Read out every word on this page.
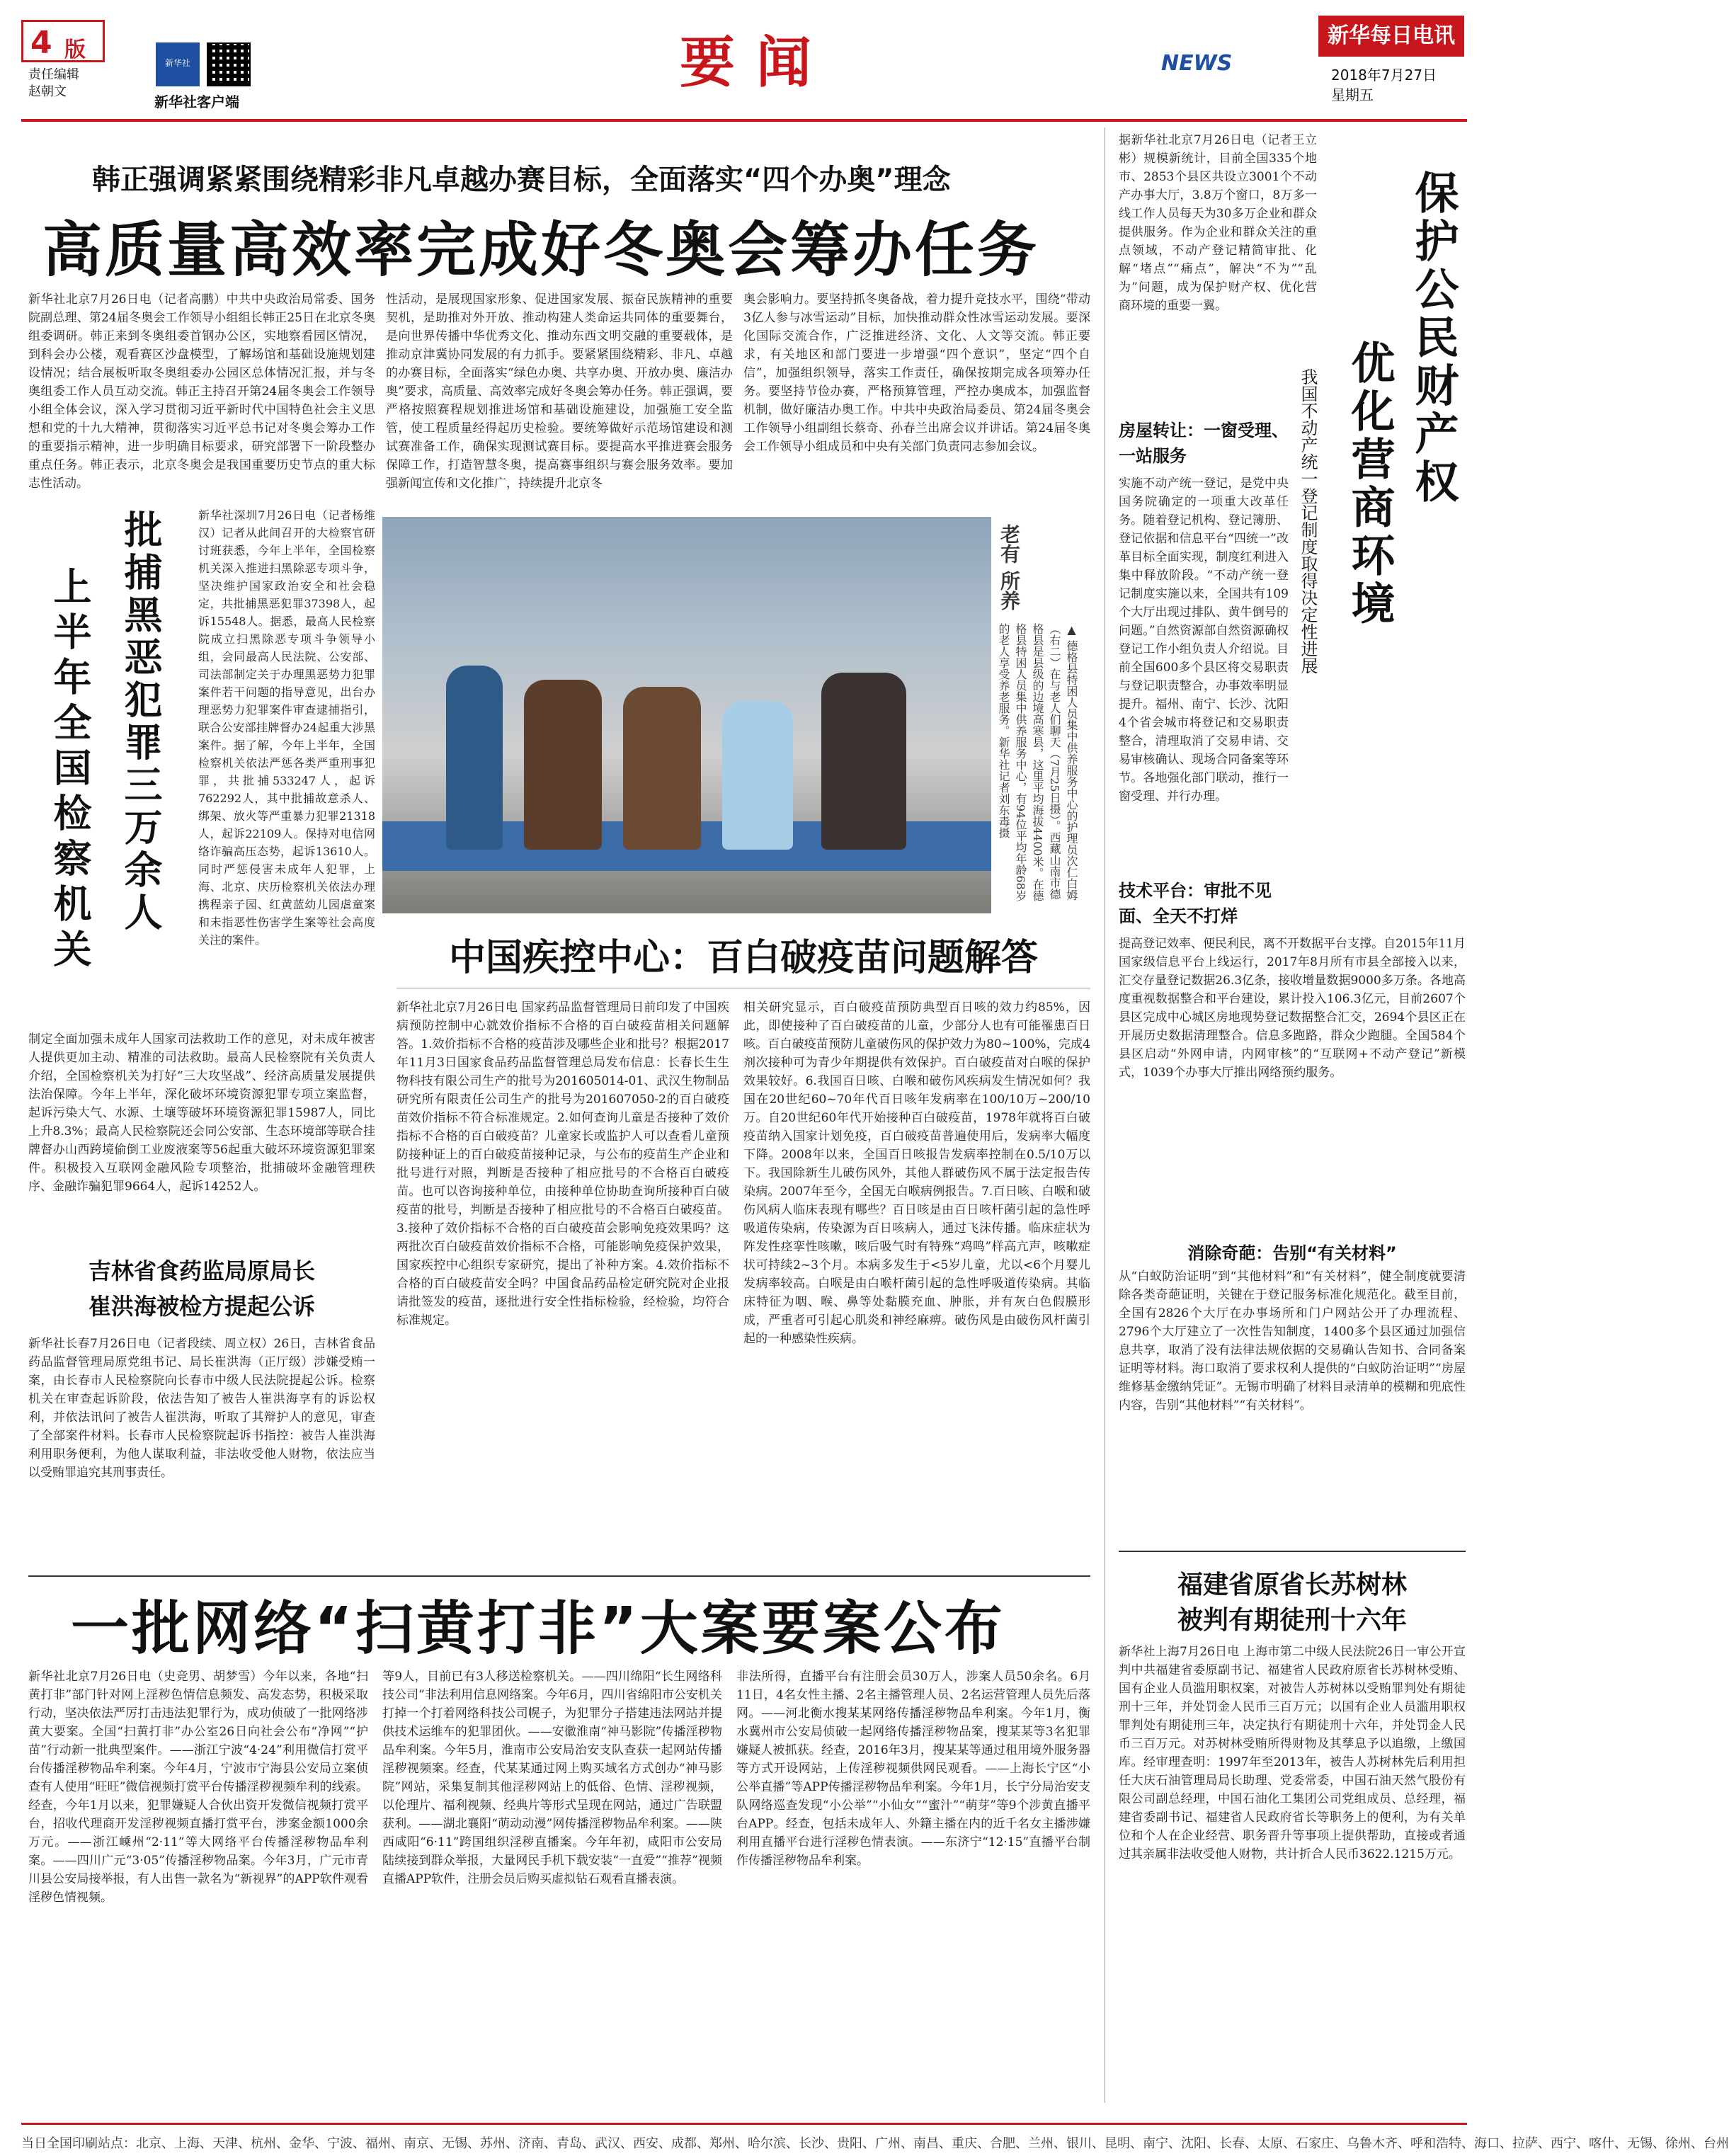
4 版
责任编辑
赵朝文
新华社
新华社客户端
要闻	NEWS
新华每日电讯
2018年7月27日
星期五
韩正强调紧紧围绕精彩非凡卓越办赛目标，全面落实“四个办奥”理念
高质量高效率完成好冬奥会筹办任务
新华社北京7月26日电（记者高鹏）中共中央政治局常委、国务院副总理、第24届冬奥会工作领导小组组长韩正25日在北京冬奥组委调研。韩正来到冬奥组委首钢办公区，实地察看园区情况，到科会办公楼，观看赛区沙盘模型，了解场馆和基础设施规划建设情况；结合展板听取冬奥组委办公园区总体情况汇报，并与冬奥组委工作人员互动交流。韩正主持召开第24届冬奥会工作领导小组全体会议，深入学习贯彻习近平新时代中国特色社会主义思想和党的十九大精神，贯彻落实习近平总书记对冬奥会筹办工作的重要指示精神，进一步明确目标要求，研究部署下一阶段整办重点任务。韩正表示，北京冬奥会是我国重要历史节点的重大标志性活动。
性活动，是展现国家形象、促进国家发展、振奋民族精神的重要契机，是助推对外开放、推动构建人类命运共同体的重要舞台，是向世界传播中华优秀文化、推动东西文明交融的重要载体，是推动京津冀协同发展的有力抓手。要紧紧围绕精彩、非凡、卓越的办赛目标，全面落实“绿色办奥、共享办奥、开放办奥、廉洁办奥”要求，高质量、高效率完成好冬奥会筹办任务。韩正强调，要严格按照赛程规划推进场馆和基础设施建设，加强施工安全监管，使工程质量经得起历史检验。要统筹做好示范场馆建设和测试赛准备工作，确保实现测试赛目标。要提高水平推进赛会服务保障工作，打造智慧冬奥，提高赛事组织与赛会服务效率。要加强新闻宣传和文化推广，持续提升北京冬
奥会影响力。要坚持抓冬奥备战，着力提升竞技水平，围绕“带动3亿人参与冰雪运动”目标，加快推动群众性冰雪运动发展。要深化国际交流合作，广泛推进经济、文化、人文等交流。韩正要求，有关地区和部门要进一步增强“四个意识”，坚定“四个自信”，加强组织领导，落实工作责任，确保按期完成各项筹办任务。要坚持节俭办赛，严格预算管理，严控办奥成本，加强监督机制，做好廉洁办奥工作。中共中央政治局委员、第24届冬奥会工作领导小组副组长蔡奇、孙春兰出席会议并讲话。第24届冬奥会工作领导小组成员和中央有关部门负责同志参加会议。
批捕黑恶犯罪三万余人
上半年全国检察机关
新华社深圳7月26日电（记者杨维汉）记者从此间召开的大检察官研讨班获悉，今年上半年，全国检察机关深入推进扫黑除恶专项斗争，坚决维护国家政治安全和社会稳定，共批捕黑恶犯罪37398人，起诉15548人。据悉，最高人民检察院成立扫黑除恶专项斗争领导小组，会同最高人民法院、公安部、司法部制定关于办理黑恶势力犯罪案件若干问题的指导意见，出台办理恶势力犯罪案件审查逮捕指引，联合公安部挂牌督办24起重大涉黑案件。据了解，今年上半年，全国检察机关依法严惩各类严重刑事犯罪，共批捕533247人，起诉762292人，其中批捕故意杀人、绑架、放火等严重暴力犯罪21318人，起诉22109人。保持对电信网络诈骗高压态势，起诉13610人。同时严惩侵害未成年人犯罪，上海、北京、庆历检察机关依法办理携程亲子园、红黄蓝幼儿园虐童案和未指恶性伤害学生案等社会高度关注的案件。
制定全面加强未成年人国家司法救助工作的意见，对未成年被害人提供更加主动、精准的司法救助。最高人民检察院有关负责人介绍，全国检察机关为打好“三大攻坚战”、经济高质量发展提供法治保障。今年上半年，深化破坏环境资源犯罪专项立案监督，起诉污染大气、水源、土壤等破坏环境资源犯罪15987人，同比上升8.3%；最高人民检察院还会同公安部、生态环境部等联合挂牌督办山西跨境偷倒工业废液案等56起重大破坏环境资源犯罪案件。积极投入互联网金融风险专项整治，批捕破坏金融管理秩序、金融诈骗犯罪9664人，起诉14252人。
吉林省食药监局原局长
崔洪海被检方提起公诉
新华社长春7月26日电（记者段续、周立权）26日，吉林省食品药品监督管理局原党组书记、局长崔洪海（正厅级）涉嫌受贿一案，由长春市人民检察院向长春市中级人民法院提起公诉。检察机关在审查起诉阶段，依法告知了被告人崔洪海享有的诉讼权利，并依法讯问了被告人崔洪海，听取了其辩护人的意见，审查了全部案件材料。长春市人民检察院起诉书指控：被告人崔洪海利用职务便利，为他人谋取利益，非法收受他人财物，依法应当以受贿罪追究其刑事责任。
老有 所养
▲ 德格县特困人员集中供养服务中心的护理员次仁白姆（右二）在与老人们聊天（7月25日摄）。西藏山南市德格县是县级的边境高寒县，这里平均海拔4400米。在德格县特困人员集中供养服务中心，有94位平均年龄68岁的老人享受养老服务。新华社记者刘东毒摄
中国疾控中心：百白破疫苗问题解答
新华社北京7月26日电 国家药品监督管理局日前印发了中国疾病预防控制中心就效价指标不合格的百白破疫苗相关问题解答。1.效价指标不合格的疫苗涉及哪些企业和批号？根据2017年11月3日国家食品药品监督管理总局发布信息：长春长生生物科技有限公司生产的批号为201605014-01、武汉生物制品研究所有限责任公司生产的批号为201607050-2的百白破疫苗效价指标不符合标准规定。2.如何查询儿童是否接种了效价指标不合格的百白破疫苗？儿童家长或监护人可以查看儿童预防接种证上的百白破疫苗接种记录，与公布的疫苗生产企业和批号进行对照，判断是否接种了相应批号的不合格百白破疫苗。也可以咨询接种单位，由接种单位协助查询所接种百白破疫苗的批号，判断是否接种了相应批号的不合格百白破疫苗。3.接种了效价指标不合格的百白破疫苗会影响免疫效果吗？这两批次百白破疫苗效价指标不合格，可能影响免疫保护效果，国家疾控中心组织专家研究，提出了补种方案。4.效价指标不合格的百白破疫苗安全吗？中国食品药品检定研究院对企业报请批签发的疫苗，逐批进行安全性指标检验，经检验，均符合标准规定。
相关研究显示，百白破疫苗预防典型百日咳的效力约85%，因此，即使接种了百白破疫苗的儿童，少部分人也有可能罹患百日咳。百白破疫苗预防儿童破伤风的保护效力为80~100%，完成4剂次接种可为青少年期提供有效保护。百白破疫苗对白喉的保护效果较好。6.我国百日咳、白喉和破伤风疾病发生情况如何？我国在20世纪60~70年代百日咳年发病率在100/10万~200/10万。自20世纪60年代开始接种百白破疫苗，1978年就将百白破疫苗纳入国家计划免疫，百白破疫苗普遍使用后，发病率大幅度下降。2008年以来，全国百日咳报告发病率控制在0.5/10万以下。我国除新生儿破伤风外，其他人群破伤风不属于法定报告传染病。2007年至今，全国无白喉病例报告。7.百日咳、白喉和破伤风病人临床表现有哪些？百日咳是由百日咳杆菌引起的急性呼吸道传染病，传染源为百日咳病人，通过飞沫传播。临床症状为阵发性痉挛性咳嗽，咳后吸气时有特殊“鸡鸣”样高亢声，咳嗽症状可持续2~3个月。本病多发生于<5岁儿童，尤以<6个月婴儿发病率较高。白喉是由白喉杆菌引起的急性呼吸道传染病。其临床特征为咽、喉、鼻等处黏膜充血、肿胀，并有灰白色假膜形成，严重者可引起心肌炎和神经麻痹。破伤风是由破伤风杆菌引起的一种感染性疾病。
一批网络“扫黄打非”大案要案公布
新华社北京7月26日电（史竞男、胡梦雪）今年以来，各地“扫黄打非”部门针对网上淫秽色情信息频发、高发态势，积极采取行动，坚决依法严厉打击违法犯罪行为，成功侦破了一批网络涉黄大要案。全国“扫黄打非”办公室26日向社会公布“净网”“护苗”行动新一批典型案件。——浙江宁波“4·24”利用微信打赏平台传播淫秽物品牟利案。今年4月，宁波市宁海县公安局立案侦查有人使用“旺旺”微信视频打赏平台传播淫秽视频牟利的线索。经查，今年1月以来，犯罪嫌疑人合伙出资开发微信视频打赏平台，招收代理商开发淫秽视频直播打赏平台，涉案金额1000余万元。——浙江嵊州“2·11”等大网络平台传播淫秽物品牟利案。——四川广元“3·05”传播淫秽物品案。今年3月，广元市青川县公安局接举报，有人出售一款名为“新视界”的APP软件观看淫秽色情视频。
等9人，目前已有3人移送检察机关。——四川绵阳“长生网络科技公司”非法利用信息网络案。今年6月，四川省绵阳市公安机关打掉一个打着网络科技公司幌子，为犯罪分子搭建违法网站并提供技术运维车的犯罪团伙。——安徽淮南“神马影院”传播淫秽物品牟利案。今年5月，淮南市公安局治安支队查获一起网站传播淫秽视频案。经查，代某某通过网上购买域名方式创办“神马影院”网站，采集复制其他淫秽网站上的低俗、色情、淫秽视频，以伦理片、福利视频、经典片等形式呈现在网站，通过广告联盟获利。——湖北襄阳“萌动动漫”网传播淫秽物品牟利案。——陕西咸阳“6·11”跨国组织淫秽直播案。今年年初，咸阳市公安局陆续接到群众举报，大量网民手机下载安装“一直爱”“推荐”视频直播APP软件，注册会员后购买虚拟钻石观看直播表演。
非法所得，直播平台有注册会员30万人，涉案人员50余名。6月11日，4名女性主播、2名主播管理人员、2名运营管理人员先后落网。——河北衡水搜某某网络传播淫秽物品牟利案。今年1月，衡水冀州市公安局侦破一起网络传播淫秽物品案，搜某某等3名犯罪嫌疑人被抓获。经查，2016年3月，搜某某等通过租用境外服务器等方式开设网站，上传淫秽视频供网民观看。——上海长宁区“小公举直播”等APP传播淫秽物品牟利案。今年1月，长宁分局治安支队网络巡查发现“小公举”“小仙女”“蜜汁”“萌芽”等9个涉黄直播平台APP。经查，包括未成年人、外籍主播在内的近千名女主播涉嫌利用直播平台进行淫秽色情表演。——东济宁“12·15”直播平台制作传播淫秽物品牟利案。
据新华社北京7月26日电（记者王立彬）规模新统计，目前全国335个地市、2853个县区共设立3001个不动产办事大厅，3.8万个窗口，8万多一线工作人员每天为30多万企业和群众提供服务。作为企业和群众关注的重点领域，不动产登记精简审批、化解“堵点”“痛点”，解决“不为”“乱为”问题，成为保护财产权、优化营商环境的重要一翼。	保护公民财产权
优化营商环境
我国不动产统一登记制度取得决定性进展
房屋转让：一窗受理、一站服务
实施不动产统一登记，是党中央国务院确定的一项重大改革任务。随着登记机构、登记簿册、登记依据和信息平台“四统一”改革目标全面实现，制度红利进入集中释放阶段。“不动产统一登记制度实施以来，全国共有109个大厅出现过排队、黄牛倒号的问题。”自然资源部自然资源确权登记工作小组负责人介绍说。目前全国600多个县区将交易职责与登记职责整合，办事效率明显提升。福州、南宁、长沙、沈阳4个省会城市将登记和交易职责整合，清理取消了交易申请、交易审核确认、现场合同备案等环节。各地强化部门联动，推行一窗受理、并行办理。
技术平台：审批不见面、全天不打烊
提高登记效率、便民利民，离不开数据平台支撑。自2015年11月国家级信息平台上线运行，2017年8月所有市县全部接入以来，汇交存量登记数据26.3亿条，接收增量数据9000多万条。各地高度重视数据整合和平台建设，累计投入106.3亿元，目前2607个县区完成中心城区房地现势登记数据整合汇交，2694个县区正在开展历史数据清理整合。信息多跑路，群众少跑腿。全国584个县区启动“外网申请，内网审核”的“互联网+不动产登记”新模式，1039个办事大厅推出网络预约服务。
消除奇葩：告别“有关材料”
从“白蚁防治证明”到“其他材料”和“有关材料”，健全制度就要清除各类奇葩证明，关键在于登记服务标准化规范化。截至目前，全国有2826个大厅在办事场所和门户网站公开了办理流程、2796个大厅建立了一次性告知制度，1400多个县区通过加强信息共享，取消了没有法律法规依据的交易确认告知书、合同备案证明等材料。海口取消了要求权利人提供的“白蚁防治证明”“房屋维修基金缴纳凭证”。无锡市明确了材料目录清单的模糊和兜底性内容，告别“其他材料”“有关材料”。
福建省原省长苏树林
被判有期徒刑十六年
新华社上海7月26日电 上海市第二中级人民法院26日一审公开宣判中共福建省委原副书记、福建省人民政府原省长苏树林受贿、国有企业人员滥用职权案，对被告人苏树林以受贿罪判处有期徒刑十三年，并处罚金人民币三百万元；以国有企业人员滥用职权罪判处有期徒刑三年，决定执行有期徒刑十六年，并处罚金人民币三百万元。对苏树林受贿所得财物及其孳息予以追缴，上缴国库。经审理查明：1997年至2013年，被告人苏树林先后利用担任大庆石油管理局局长助理、党委常委，中国石油天然气股份有限公司副总经理，中国石油化工集团公司党组成员、总经理，福建省委副书记、福建省人民政府省长等职务上的便利，为有关单位和个人在企业经营、职务晋升等事项上提供帮助，直接或者通过其亲属非法收受他人财物，共计折合人民币3622.1215万元。
当日全国印刷站点：北京、上海、天津、杭州、金华、宁波、福州、南京、无锡、苏州、济南、青岛、武汉、西安、成都、郑州、哈尔滨、长沙、贵阳、广州、南昌、重庆、合肥、兰州、银川、昆明、南宁、沈阳、长春、太原、石家庄、乌鲁木齐、呼和浩特、海口、拉萨、西宁、喀什、无锡、徐州、台州
